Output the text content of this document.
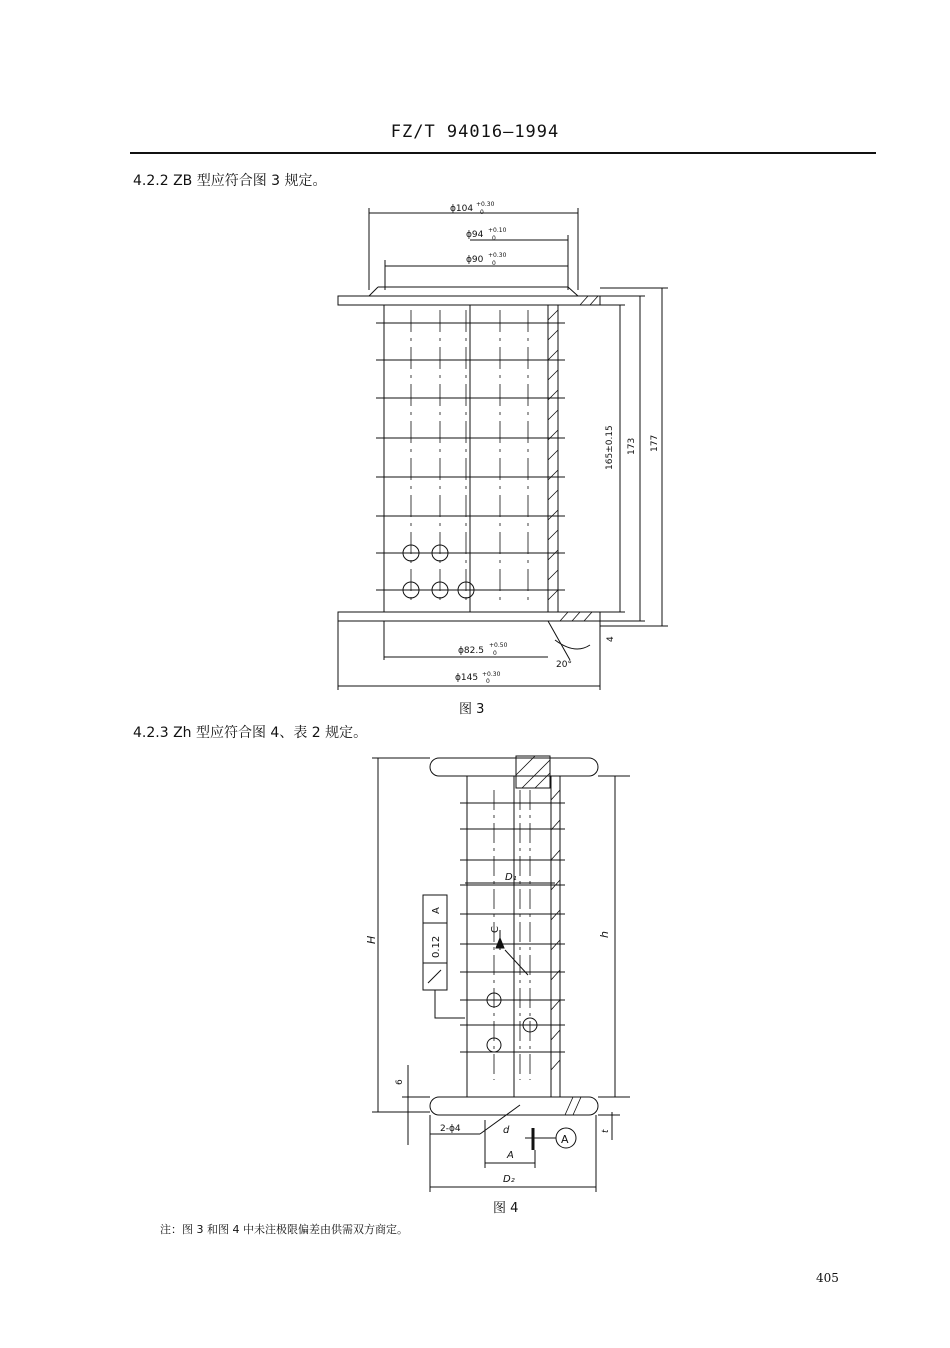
FZ/T 94016—1994
4.2.2 ZB 型应符合图 3 规定。
ϕ104 +0.30
0
ϕ94 +0.10
0
ϕ90 +0.30
0
165±0.15 173 177
4
ϕ82.5
+0.50
0
20°
ϕ145 +0.30
0
图 3
4.2.3 Zh 型应符合图 4、表 2 规定。
D₁
C
A
0.12
H
h
6
t
2-ϕ4	d
A
A
D₂
图 4
注：图 3 和图 4 中未注极限偏差由供需双方商定。
405
